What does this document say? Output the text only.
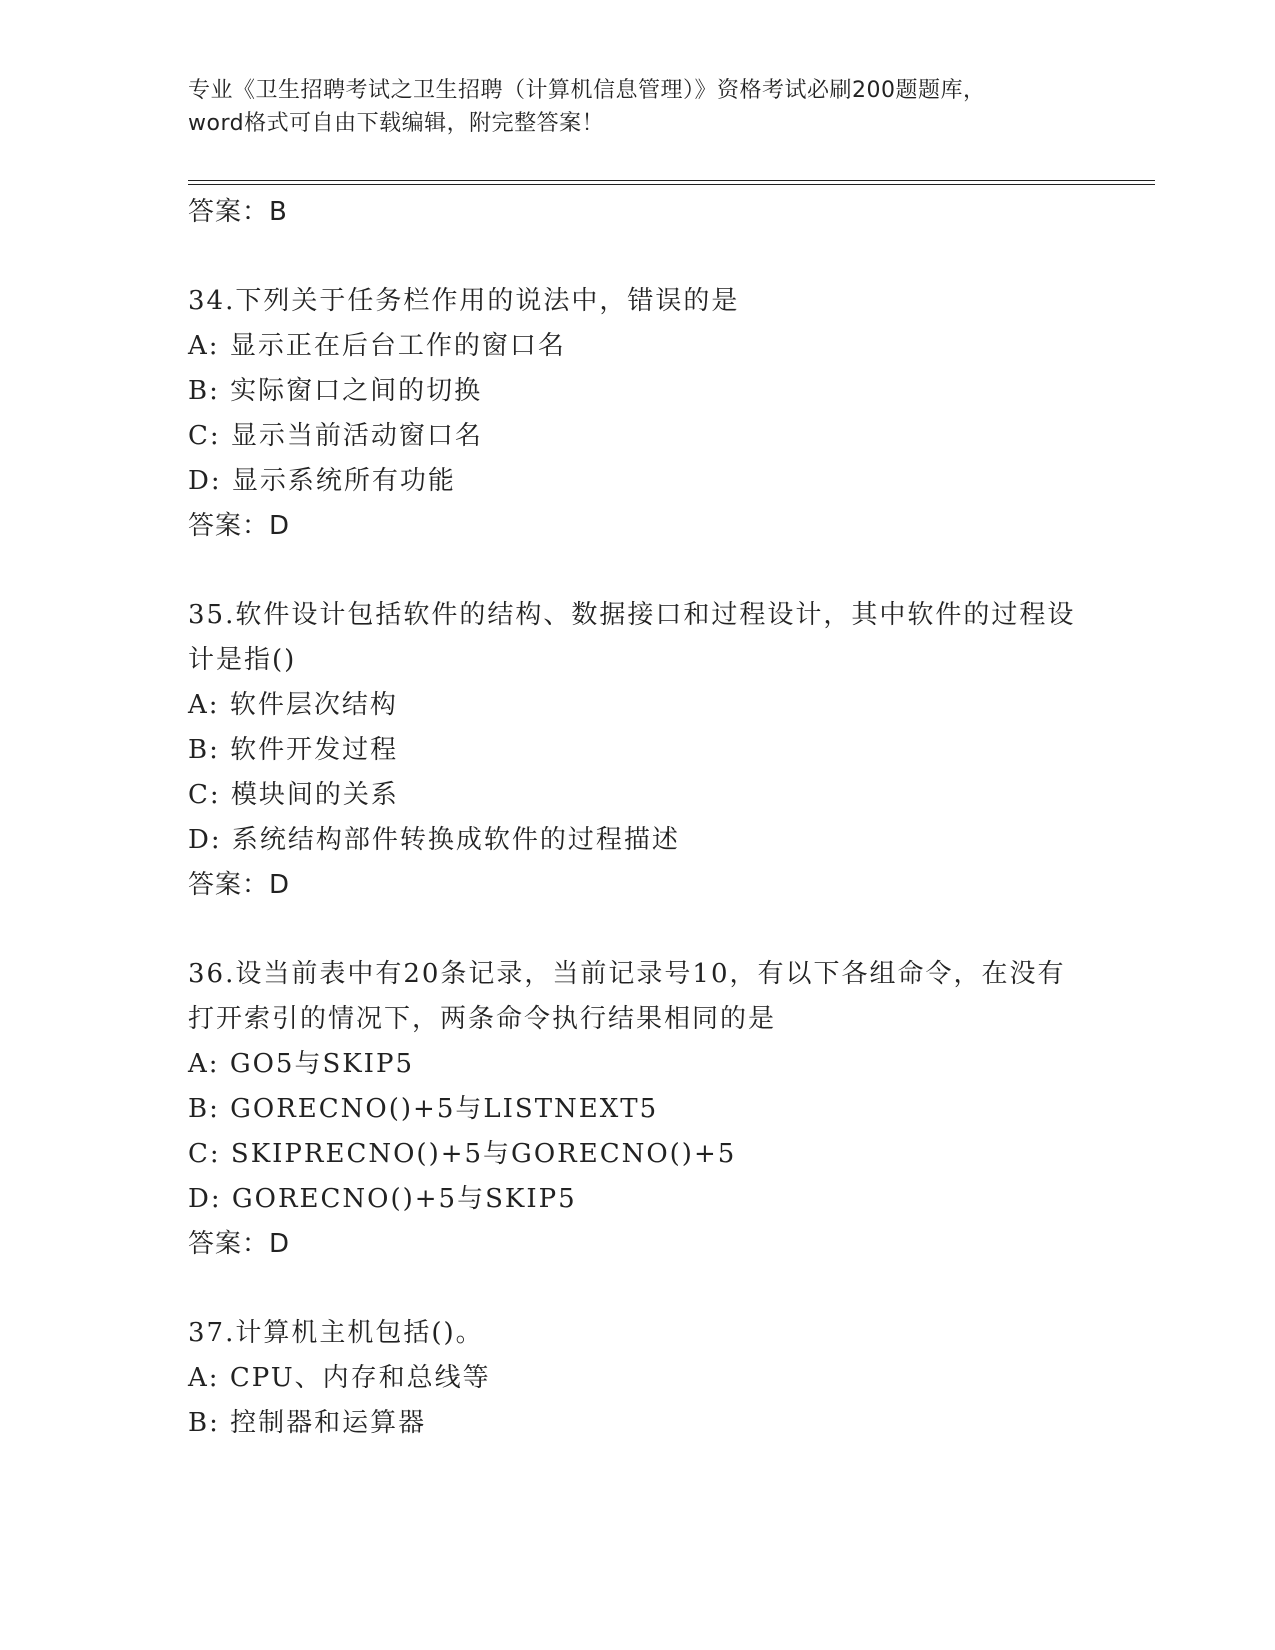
专业《卫生招聘考试之卫生招聘（计算机信息管理）》资格考试必刷200题题库，
word格式可自由下载编辑，附完整答案！
答案：B
34.下列关于任务栏作用的说法中，错误的是
A: 显示正在后台工作的窗口名
B: 实际窗口之间的切换
C: 显示当前活动窗口名
D: 显示系统所有功能
答案：D
35.软件设计包括软件的结构、数据接口和过程设计，其中软件的过程设计是指()
A: 软件层次结构
B: 软件开发过程
C: 模块间的关系
D: 系统结构部件转换成软件的过程描述
答案：D
36.设当前表中有20条记录，当前记录号10，有以下各组命令，在没有打开索引的情况下，两条命令执行结果相同的是
A: GO5与SKIP5
B: GORECNO()+5与LISTNEXT5
C: SKIPRECNO()+5与GORECNO()+5
D: GORECNO()+5与SKIP5
答案：D
37.计算机主机包括()。
A: CPU、内存和总线等
B: 控制器和运算器
